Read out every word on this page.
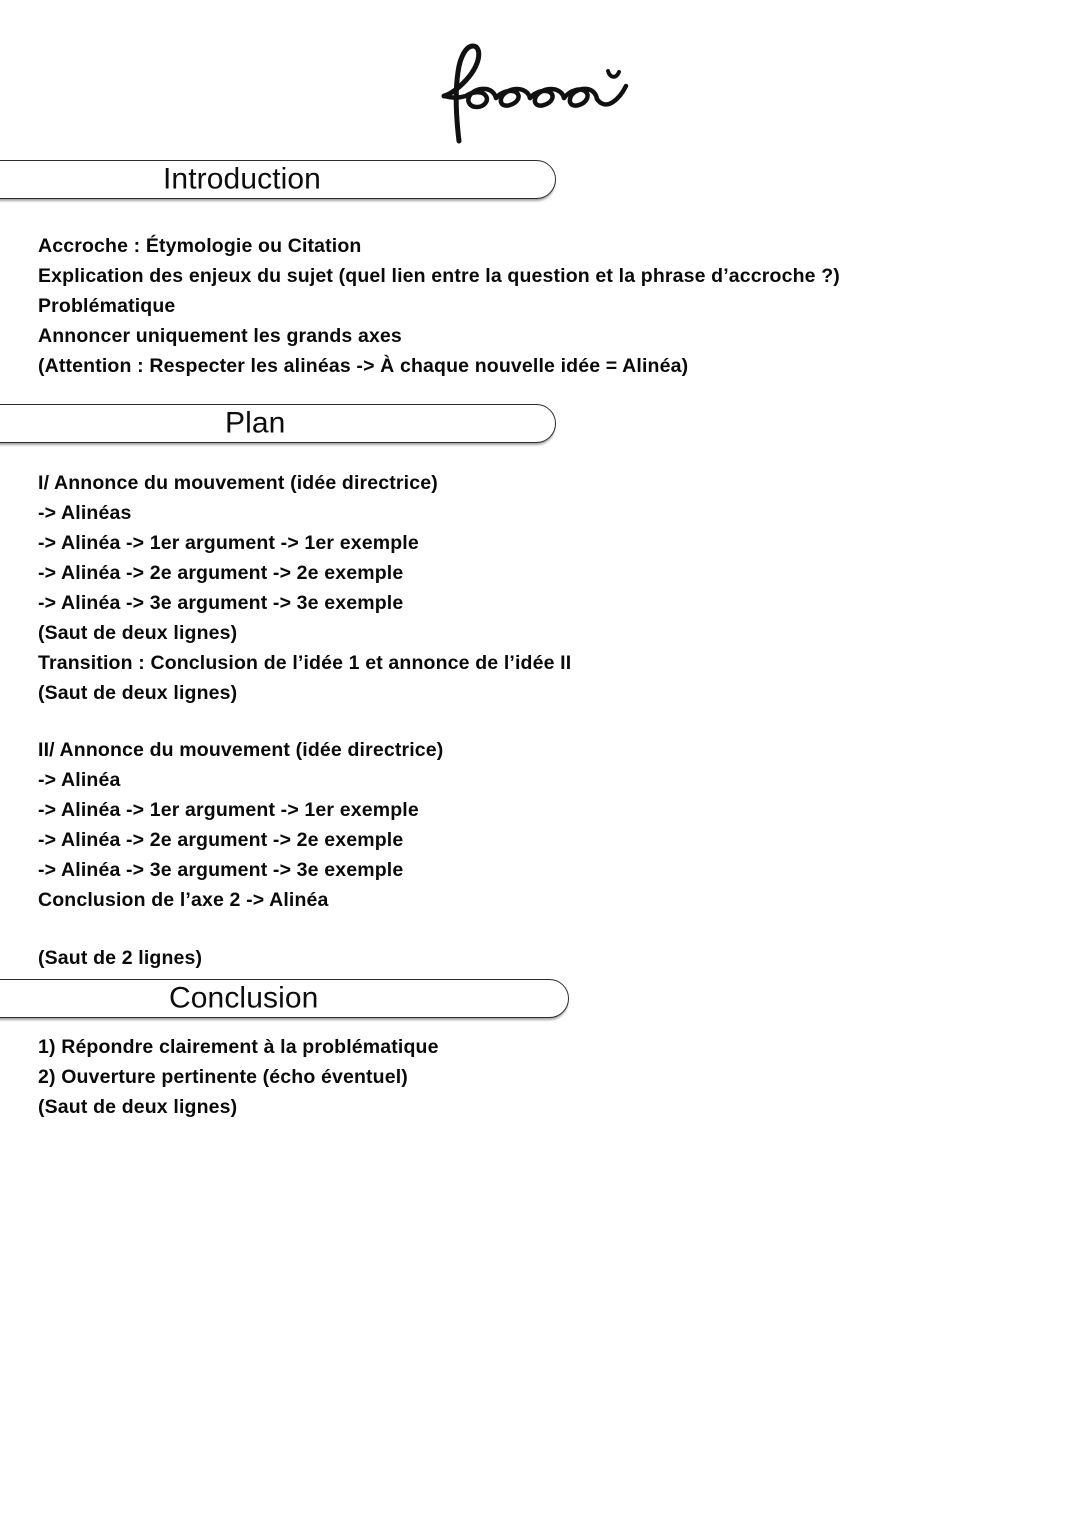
Introduction
Accroche : Étymologie ou Citation
Explication des enjeux du sujet (quel lien entre la question et la phrase d’accroche ?)
Problématique
Annoncer uniquement les grands axes
(Attention : Respecter les alinéas -> À chaque nouvelle idée = Alinéa)
Plan
I/ Annonce du mouvement (idée directrice)
-> Alinéas
-> Alinéa -> 1er argument -> 1er exemple
-> Alinéa -> 2e argument -> 2e exemple
-> Alinéa -> 3e argument -> 3e exemple
(Saut de deux lignes)
Transition : Conclusion de l’idée 1 et annonce de l’idée II
(Saut de deux lignes)
II/ Annonce du mouvement (idée directrice)
-> Alinéa
-> Alinéa -> 1er argument -> 1er exemple
-> Alinéa -> 2e argument -> 2e exemple
-> Alinéa -> 3e argument -> 3e exemple
Conclusion de l’axe 2 -> Alinéa
(Saut de 2 lignes)
Conclusion
1) Répondre clairement à la problématique
2) Ouverture pertinente (écho éventuel)
(Saut de deux lignes)
